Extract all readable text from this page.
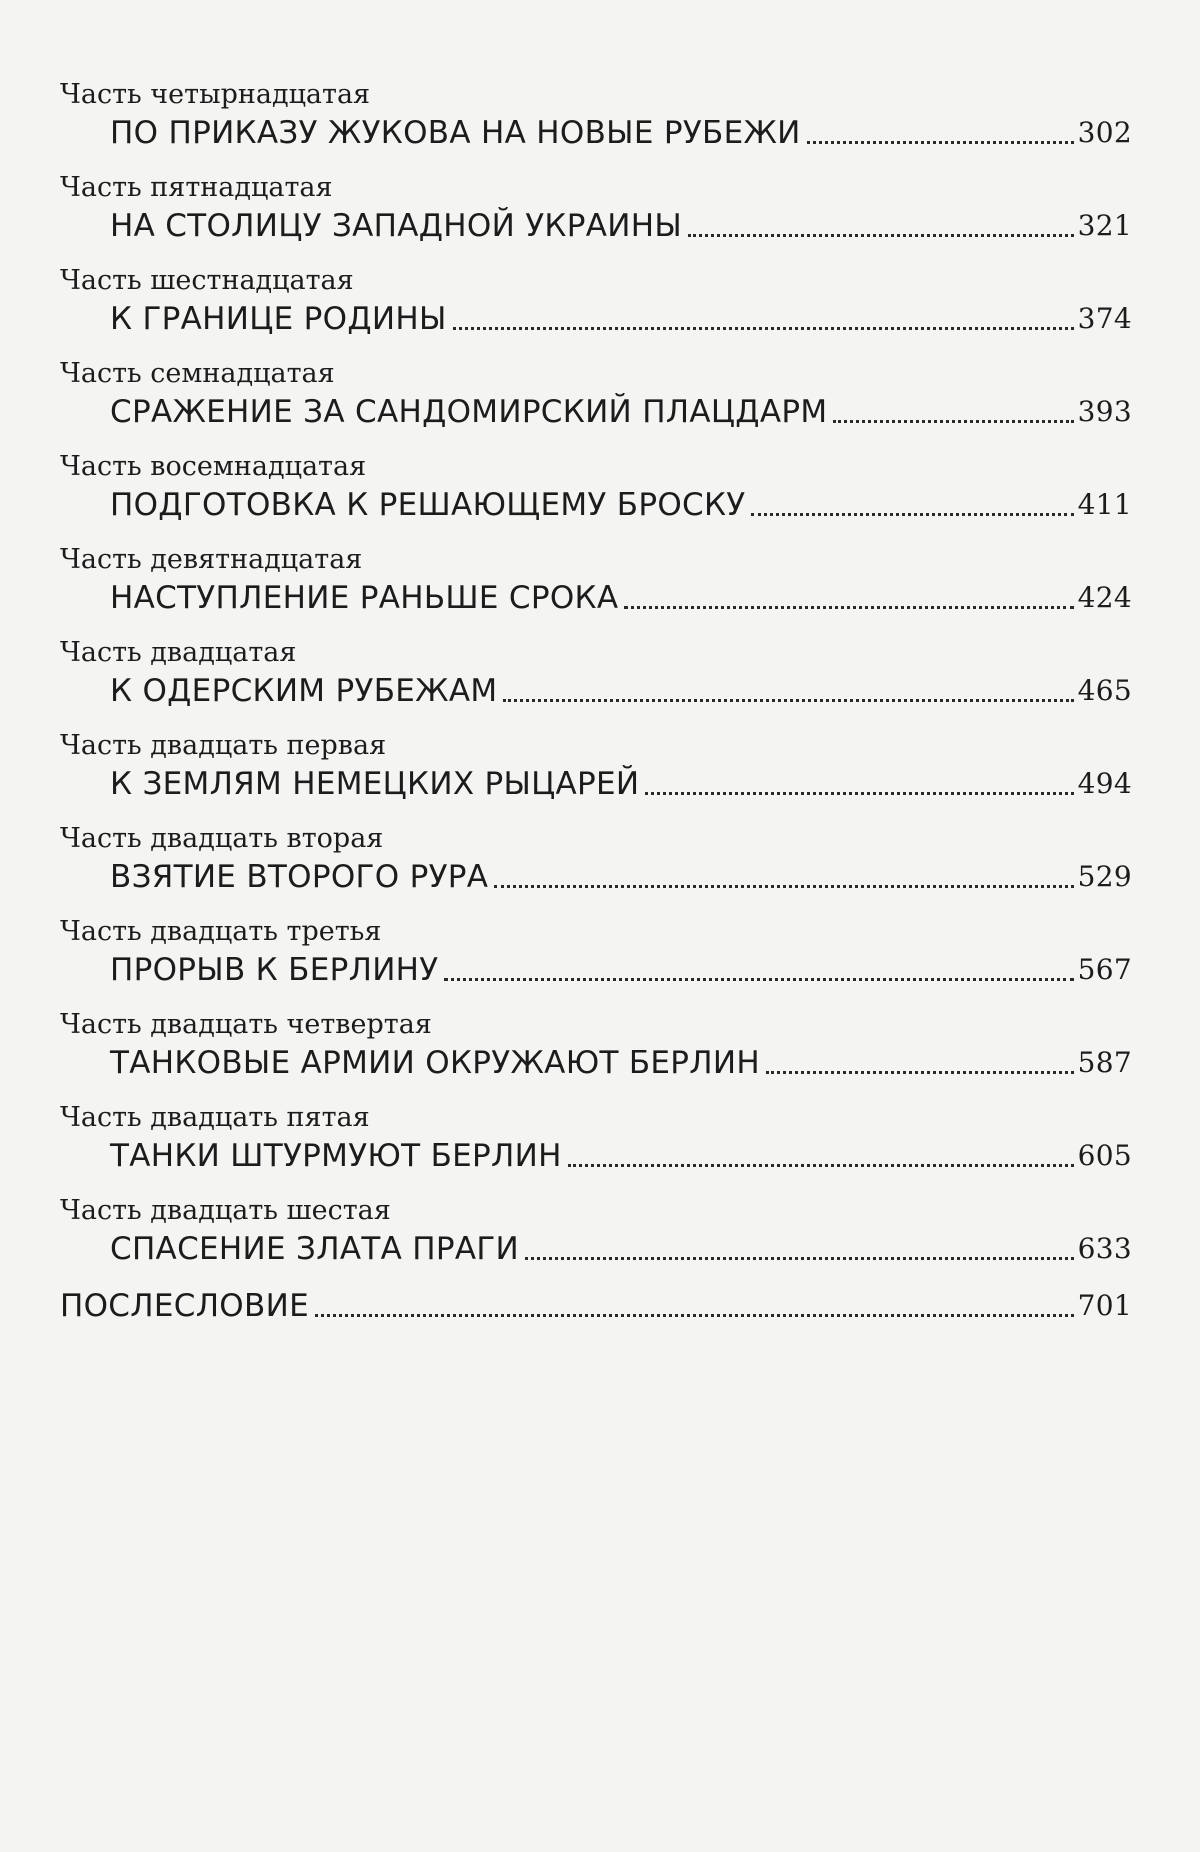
Часть четырнадцатая
ПО ПРИКАЗУ ЖУКОВА НА НОВЫЕ РУБЕЖИ	302
Часть пятнадцатая
НА СТОЛИЦУ ЗАПАДНОЙ УКРАИНЫ	321
Часть шестнадцатая
К ГРАНИЦЕ РОДИНЫ	374
Часть семнадцатая
СРАЖЕНИЕ ЗА САНДОМИРСКИЙ ПЛАЦДАРМ	393
Часть восемнадцатая
ПОДГОТОВКА К РЕШАЮЩЕМУ БРОСКУ	411
Часть девятнадцатая
НАСТУПЛЕНИЕ РАНЬШЕ СРОКА	424
Часть двадцатая
К ОДЕРСКИМ РУБЕЖАМ	465
Часть двадцать первая
К ЗЕМЛЯМ НЕМЕЦКИХ РЫЦАРЕЙ	494
Часть двадцать вторая
ВЗЯТИЕ ВТОРОГО РУРА	529
Часть двадцать третья
ПРОРЫВ К БЕРЛИНУ	567
Часть двадцать четвертая
ТАНКОВЫЕ АРМИИ ОКРУЖАЮТ БЕРЛИН	587
Часть двадцать пятая
ТАНКИ ШТУРМУЮТ БЕРЛИН	605
Часть двадцать шестая
СПАСЕНИЕ ЗЛАТА ПРАГИ	633
ПОСЛЕСЛОВИЕ	701
